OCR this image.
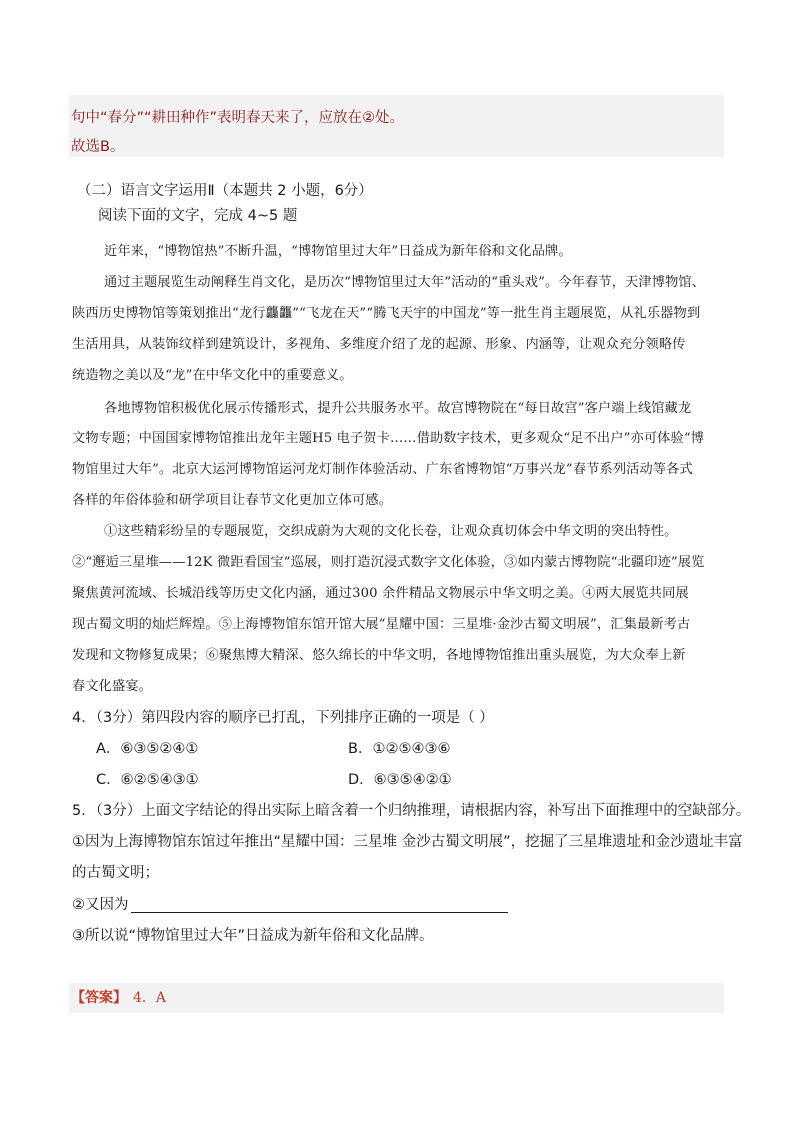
句中“春分”“耕田种作”表明春天来了，应放在②处。
故选B。
（二）语言文字运用Ⅱ（本题共 2 小题，6分）
阅读下面的文字，完成 4~5 题
近年来，“博物馆热”不断升温，“博物馆里过大年”日益成为新年俗和文化品牌。
通过主题展览生动阐释生肖文化，是历次“博物馆里过大年”活动的“重头戏”。今年春节，天津博物馆、
陕西历史博物馆等策划推出“龙行龘龘”“飞龙在天”“腾飞天宇的中国龙”等一批生肖主题展览，从礼乐器物到
生活用具，从装饰纹样到建筑设计，多视角、多维度介绍了龙的起源、形象、内涵等，让观众充分领略传
统造物之美以及“龙”在中华文化中的重要意义。
各地博物馆积极优化展示传播形式，提升公共服务水平。故宫博物院在“每日故宫”客户端上线馆藏龙
文物专题；中国国家博物馆推出龙年主题H5 电子贺卡……借助数字技术，更多观众“足不出户”亦可体验“博
物馆里过大年”。北京大运河博物馆运河龙灯制作体验活动、广东省博物馆“万事兴龙”春节系列活动等各式
各样的年俗体验和研学项目让春节文化更加立体可感。
①这些精彩纷呈的专题展览，交织成蔚为大观的文化长卷，让观众真切体会中华文明的突出特性。
②“邂逅三星堆——12K 微距看国宝”巡展，则打造沉浸式数字文化体验，③如内蒙古博物院“北疆印迹”展览
聚焦黄河流域、长城沿线等历史文化内涵，通过300 余件精品文物展示中华文明之美。④两大展览共同展
现古蜀文明的灿烂辉煌。⑤上海博物馆东馆开馆大展“星耀中国：三星堆·金沙古蜀文明展”，汇集最新考古
发现和文物修复成果；⑥聚焦博大精深、悠久绵长的中华文明，各地博物馆推出重头展览，为大众奉上新
春文化盛宴。
4．（3分）第四段内容的顺序已打乱，下列排序正确的一项是（ ）
A．⑥③⑤②④①	B．①②⑤④③⑥
C．⑥②⑤④③①	D．⑥③⑤④②①
5．（3分）上面文字结论的得出实际上暗含着一个归纳推理，请根据内容，补写出下面推理中的空缺部分。
①因为上海博物馆东馆过年推出“星耀中国：三星堆 金沙古蜀文明展”，挖掘了三星堆遗址和金沙遗址丰富
的古蜀文明；
②又因为
③所以说“博物馆里过大年”日益成为新年俗和文化品牌。
【答案】 4．A
